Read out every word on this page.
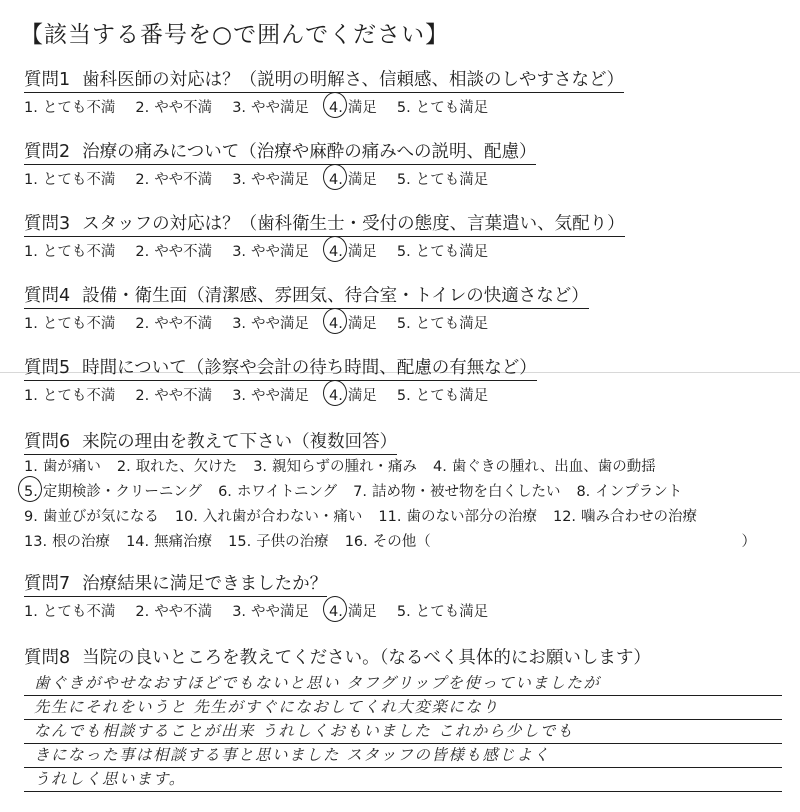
【該当する番号を○で囲んでください】
質問1 歯科医師の対応は？（説明の明解さ、信頼感、相談のしやすさなど）
1. とても不満 2. やや不満 3. やや満足 4. 満足 5. とても満足
質問2 治療の痛みについて（治療や麻酔の痛みへの説明、配慮）
1. とても不満 2. やや不満 3. やや満足 4. 満足 5. とても満足
質問3 スタッフの対応は？（歯科衛生士・受付の態度、言葉遣い、気配り）
1. とても不満 2. やや不満 3. やや満足 4. 満足 5. とても満足
質問4 設備・衛生面（清潔感、雰囲気、待合室・トイレの快適さなど）
1. とても不満 2. やや不満 3. やや満足 4. 満足 5. とても満足
質問5 時間について（診察や会計の待ち時間、配慮の有無など）
1. とても不満 2. やや不満 3. やや満足 4. 満足 5. とても満足
質問7 治療結果に満足できましたか？
1. とても不満 2. やや不満 3. やや満足 4. 満足 5. とても満足
質問6 来院の理由を教えて下さい（複数回答）
1. 歯が痛い 2. 取れた、欠けた 3. 親知らずの腫れ・痛み 4. 歯ぐきの腫れ、出血、歯の動揺
5. 定期検診・クリーニング 6. ホワイトニング 7. 詰め物・被せ物を白くしたい 8. インプラント
9. 歯並びが気になる 10. 入れ歯が合わない・痛い 11. 歯のない部分の治療 12. 噛み合わせの治療
13. 根の治療 14. 無痛治療 15. 子供の治療 16. その他（	）
質問8 当院の良いところを教えてください。（なるべく具体的にお願いします）
歯ぐきがやせなおすほどでもないと思い タフグリップを使っていましたが
先生にそれをいうと 先生がすぐになおしてくれ大変楽になり
なんでも相談することが出来 うれしくおもいました これから少しでも
きになった事は相談する事と思いました スタッフの皆様も感じよく
うれしく思います。
